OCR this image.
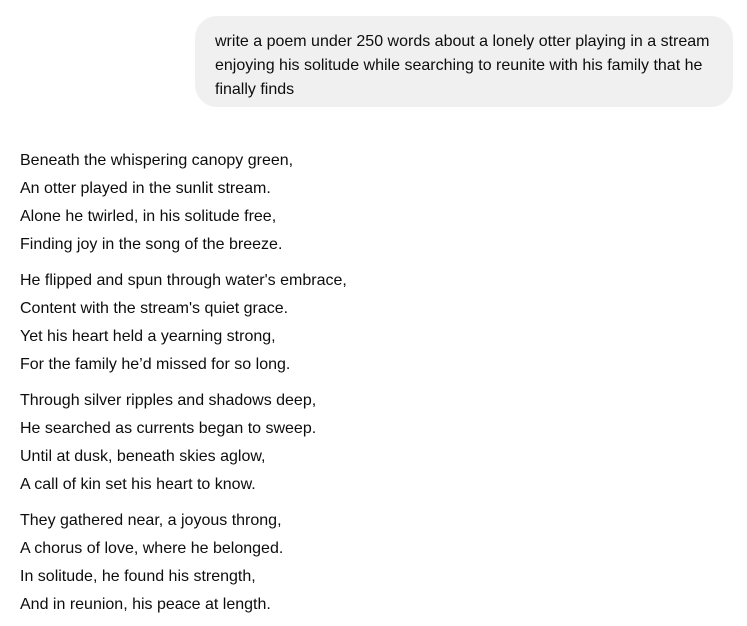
write a poem under 250 words about a lonely otter playing in a stream enjoying his solitude while searching to reunite with his family that he finally finds

Beneath the whispering canopy green,
An otter played in the sunlit stream.
Alone he twirled, in his solitude free,
Finding joy in the song of the breeze.
He flipped and spun through water's embrace,
Content with the stream's quiet grace.
Yet his heart held a yearning strong,
For the family he’d missed for so long.
Through silver ripples and shadows deep,
He searched as currents began to sweep.
Until at dusk, beneath skies aglow,
A call of kin set his heart to know.
They gathered near, a joyous throng,
A chorus of love, where he belonged.
In solitude, he found his strength,
And in reunion, his peace at length.
